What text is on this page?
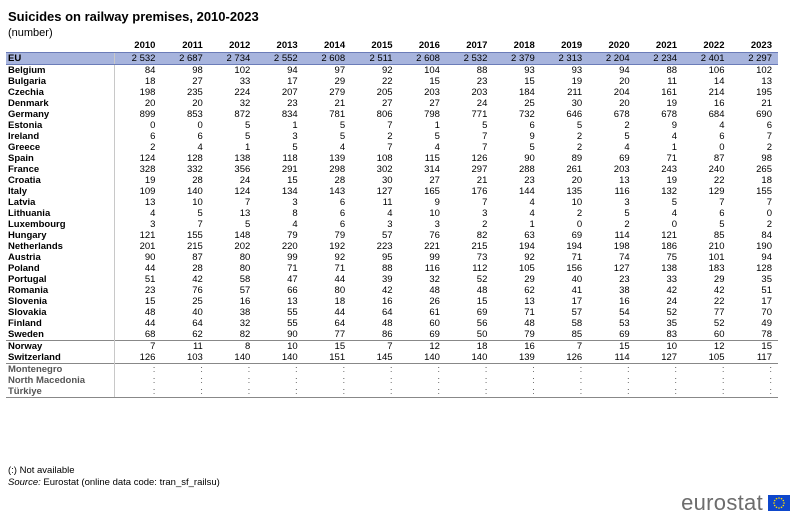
Suicides on railway premises, 2010-2023
(number)
	2010	2011	2012	2013	2014	2015	2016	2017	2018	2019	2020	2021	2022	2023
EU	2 532	2 687	2 734	2 552	2 608	2 511	2 608	2 532	2 379	2 313	2 204	2 234	2 401	2 297
Belgium	84	98	102	94	97	92	104	88	93	93	94	88	106	102
Bulgaria	18	27	33	17	29	22	15	23	15	19	20	11	14	13
Czechia	198	235	224	207	279	205	203	203	184	211	204	161	214	195
Denmark	20	20	32	23	21	27	27	24	25	30	20	19	16	21
Germany	899	853	872	834	781	806	798	771	732	646	678	678	684	690
Estonia	0	0	5	1	5	7	1	5	6	5	2	9	4	6
Ireland	6	6	5	3	5	2	5	7	9	2	5	4	6	7
Greece	2	4	1	5	4	7	4	7	5	2	4	1	0	2
Spain	124	128	138	118	139	108	115	126	90	89	69	71	87	98
France	328	332	356	291	298	302	314	297	288	261	203	243	240	265
Croatia	19	28	24	15	28	30	27	21	23	20	13	19	22	18
Italy	109	140	124	134	143	127	165	176	144	135	116	132	129	155
Latvia	13	10	7	3	6	11	9	7	4	10	3	5	7	7
Lithuania	4	5	13	8	6	4	10	3	4	2	5	4	6	0
Luxembourg	3	7	5	4	6	3	3	2	1	0	2	0	5	2
Hungary	121	155	148	79	79	57	76	82	63	69	114	121	85	84
Netherlands	201	215	202	220	192	223	221	215	194	194	198	186	210	190
Austria	90	87	80	99	92	95	99	73	92	71	74	75	101	94
Poland	44	28	80	71	71	88	116	112	105	156	127	138	183	128
Portugal	51	42	58	47	44	39	32	52	29	40	23	33	29	35
Romania	23	76	57	66	80	42	48	48	62	41	38	42	42	51
Slovenia	15	25	16	13	18	16	26	15	13	17	16	24	22	17
Slovakia	48	40	38	55	44	64	61	69	71	57	54	52	77	70
Finland	44	64	32	55	64	48	60	56	48	58	53	35	52	49
Sweden	68	62	82	90	77	86	69	50	79	85	69	83	60	78
Norway	7	11	8	10	15	7	12	18	16	7	15	10	12	15
Switzerland	126	103	140	140	151	145	140	140	139	126	114	127	105	117
Montenegro	:	:	:	:	:	:	:	:	:	:	:	:	:	:
North Macedonia	:	:	:	:	:	:	:	:	:	:	:	:	:	:
Türkiye	:	:	:	:	:	:	:	:	:	:	:	:	:	:
(:) Not available
Source: Eurostat (online data code: tran_sf_railsu)
eurostat
